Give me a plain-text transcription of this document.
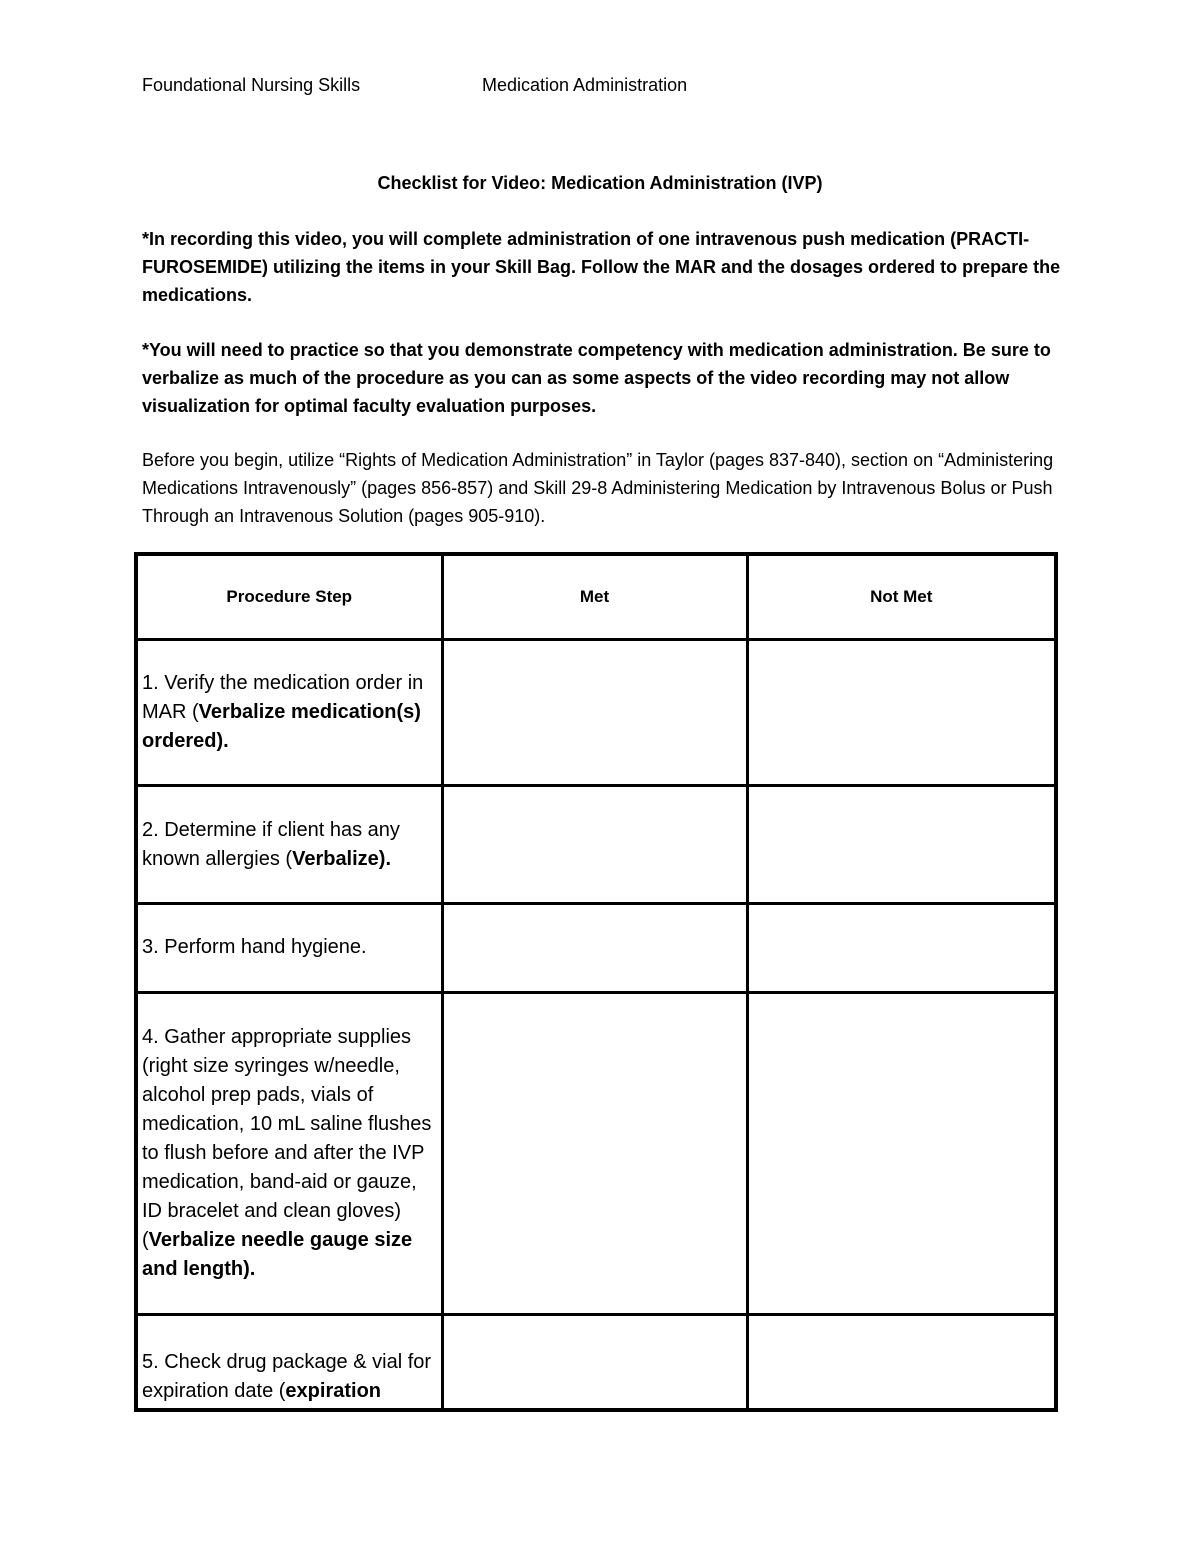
Foundational Nursing Skills	Medication Administration
Checklist for Video: Medication Administration (IVP)
*In recording this video, you will complete administration of one intravenous push medication (PRACTI-FUROSEMIDE) utilizing the items in your Skill Bag. Follow the MAR and the dosages ordered to prepare the medications.
*You will need to practice so that you demonstrate competency with medication administration. Be sure to verbalize as much of the procedure as you can as some aspects of the video recording may not allow visualization for optimal faculty evaluation purposes.
Before you begin, utilize “Rights of Medication Administration” in Taylor (pages 837-840), section on “Administering Medications Intravenously” (pages 856-857) and Skill 29-8 Administering Medication by Intravenous Bolus or Push Through an Intravenous Solution (pages 905-910).
Procedure Step	Met	Not Met
1. Verify the medication order in MAR (Verbalize medication(s) ordered).		
2. Determine if client has any known allergies (Verbalize).		
3. Perform hand hygiene.		
4. Gather appropriate supplies (right size syringes w/needle, alcohol prep pads, vials of medication, 10 mL saline flushes to flush before and after the IVP medication, band-aid or gauze, ID bracelet and clean gloves) (Verbalize needle gauge size and length).		
5. Check drug package & vial for expiration date (expiration		
